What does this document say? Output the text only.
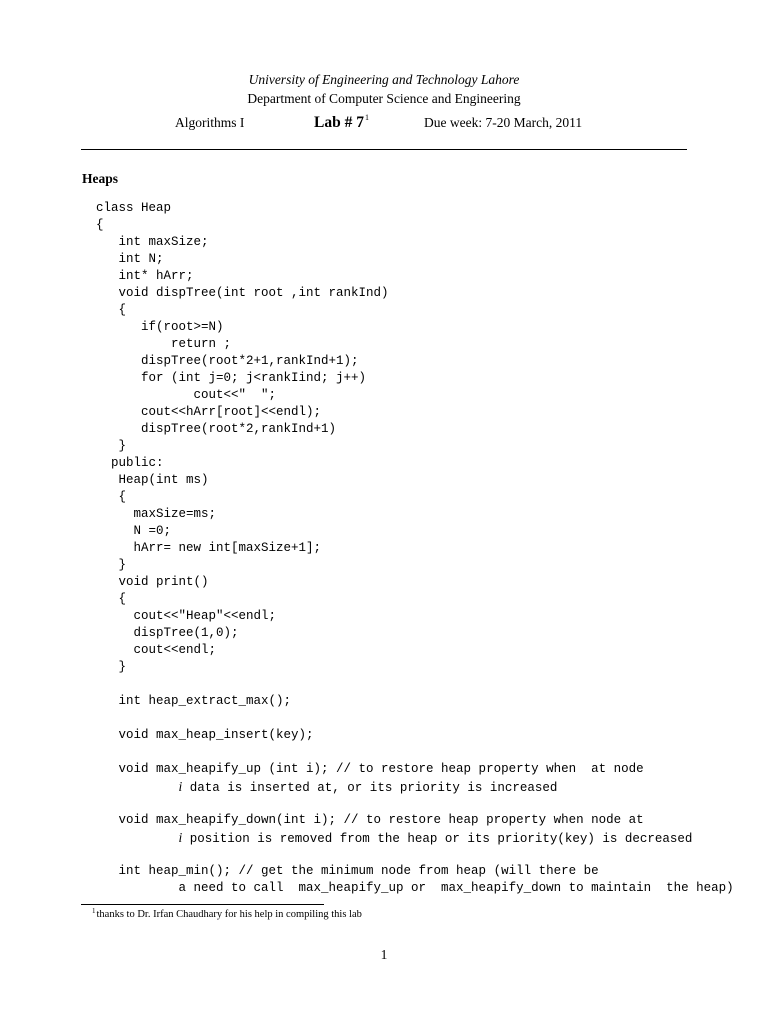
University of Engineering and Technology Lahore
Department of Computer Science and Engineering
Algorithms I	Lab # $7^1$	Due week: 7-20 March, 2011
Heaps
class Heap
{
int maxSize;
int N;
int* hArr;
void dispTree(int root ,int rankInd)
{
if(root>=N)
return ;
dispTree(root*2+1,rankInd+1);
for (int j=0; j<rankIind; j++)
cout<<"  ";
cout<<hArr[root]<<endl);
dispTree(root*2,rankInd+1)
}
public:
Heap(int ms)
{
maxSize=ms;
N =0;
hArr= new int[maxSize+1];
}
void print()
{
cout<<"Heap"<<endl;
dispTree(1,0);
cout<<endl;
}
int heap_extract_max();
void max_heap_insert(key);
void max_heapify_up (int i); // to restore heap property when  at node
i data is inserted at, or its priority is increased
void max_heapify_down(int i); // to restore heap property when node at
i position is removed from the heap or its priority(key) is decreased
int heap_min(); // get the minimum node from heap (will there be
a need to call  max_heapify_up or  max_heapify_down to maintain  the heap)
$^1$thanks to Dr. Irfan Chaudhary for his help in compiling this lab
1
